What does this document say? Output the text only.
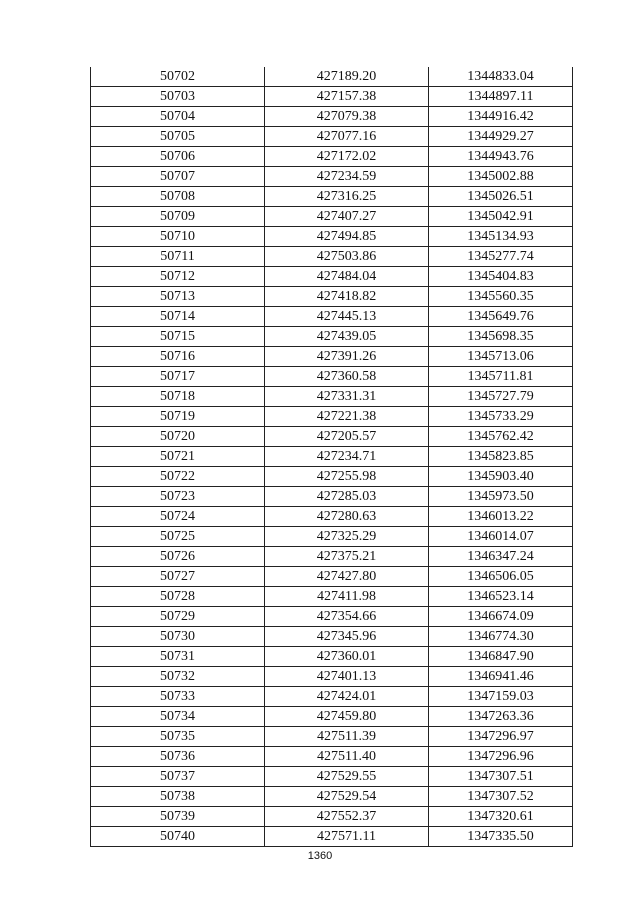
50702	427189.20	1344833.04
50703	427157.38	1344897.11
50704	427079.38	1344916.42
50705	427077.16	1344929.27
50706	427172.02	1344943.76
50707	427234.59	1345002.88
50708	427316.25	1345026.51
50709	427407.27	1345042.91
50710	427494.85	1345134.93
50711	427503.86	1345277.74
50712	427484.04	1345404.83
50713	427418.82	1345560.35
50714	427445.13	1345649.76
50715	427439.05	1345698.35
50716	427391.26	1345713.06
50717	427360.58	1345711.81
50718	427331.31	1345727.79
50719	427221.38	1345733.29
50720	427205.57	1345762.42
50721	427234.71	1345823.85
50722	427255.98	1345903.40
50723	427285.03	1345973.50
50724	427280.63	1346013.22
50725	427325.29	1346014.07
50726	427375.21	1346347.24
50727	427427.80	1346506.05
50728	427411.98	1346523.14
50729	427354.66	1346674.09
50730	427345.96	1346774.30
50731	427360.01	1346847.90
50732	427401.13	1346941.46
50733	427424.01	1347159.03
50734	427459.80	1347263.36
50735	427511.39	1347296.97
50736	427511.40	1347296.96
50737	427529.55	1347307.51
50738	427529.54	1347307.52
50739	427552.37	1347320.61
50740	427571.11	1347335.50
1360
